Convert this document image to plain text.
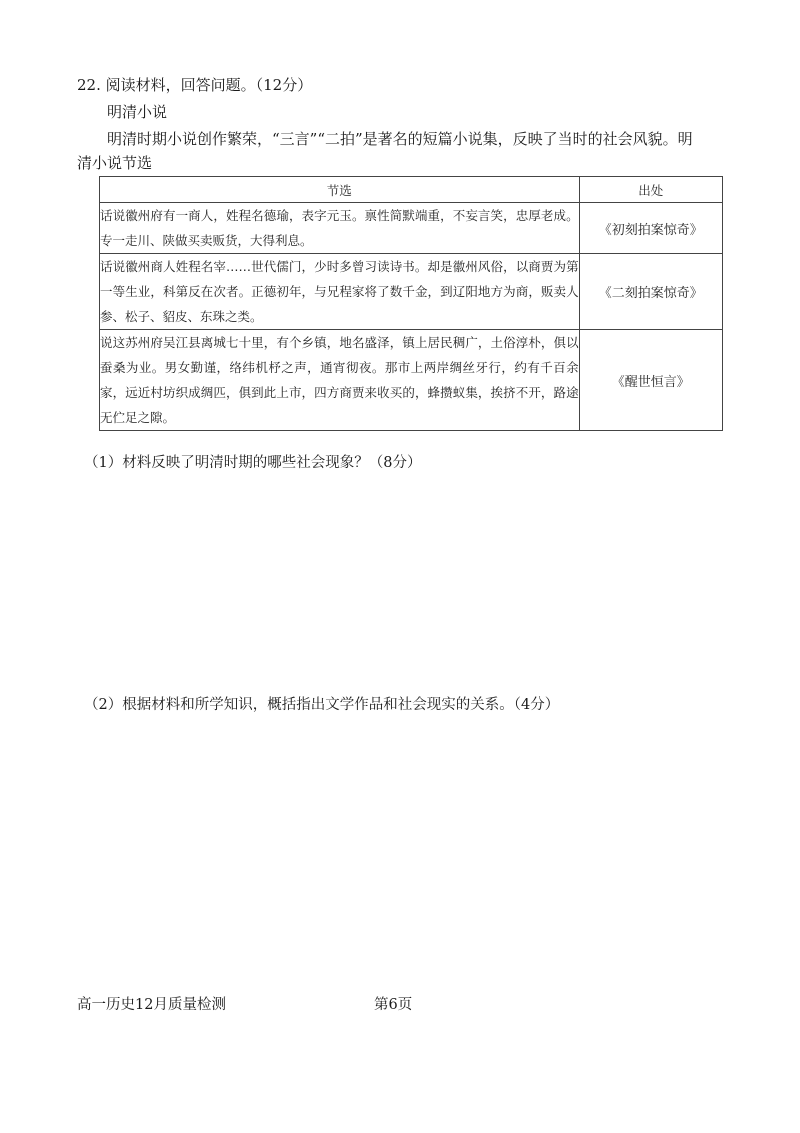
22. 阅读材料，回答问题。（12分）
明清小说
明清时期小说创作繁荣，“三言”“二拍”是著名的短篇小说集，反映了当时的社会风貌。明
清小说节选
节选	出处
话说徽州府有一商人，姓程名德瑜，表字元玉。禀性简默端重，不妄言笑，忠厚老成。专一走川、陕做买卖贩货，大得利息。	《初刻拍案惊奇》
话说徽州商人姓程名宰……世代儒门，少时多曾习读诗书。却是徽州风俗，以商贾为第一等生业，科第反在次者。正德初年，与兄程家将了数千金，到辽阳地方为商，贩卖人参、松子、貂皮、东珠之类。	《二刻拍案惊奇》
说这苏州府吴江县离城七十里，有个乡镇，地名盛泽，镇上居民稠广，土俗淳朴，俱以蚕桑为业。男女勤谨，络纬机杼之声，通宵彻夜。那市上两岸绸丝牙行，约有千百余家，远近村坊织成绸匹，俱到此上市，四方商贾来收买的，蜂攒蚁集，挨挤不开，路途无伫足之隙。	《醒世恒言》
（1）材料反映了明清时期的哪些社会现象？（8分）
（2）根据材料和所学知识，概括指出文学作品和社会现实的关系。（4分）
高一历史12月质量检测	第6页
